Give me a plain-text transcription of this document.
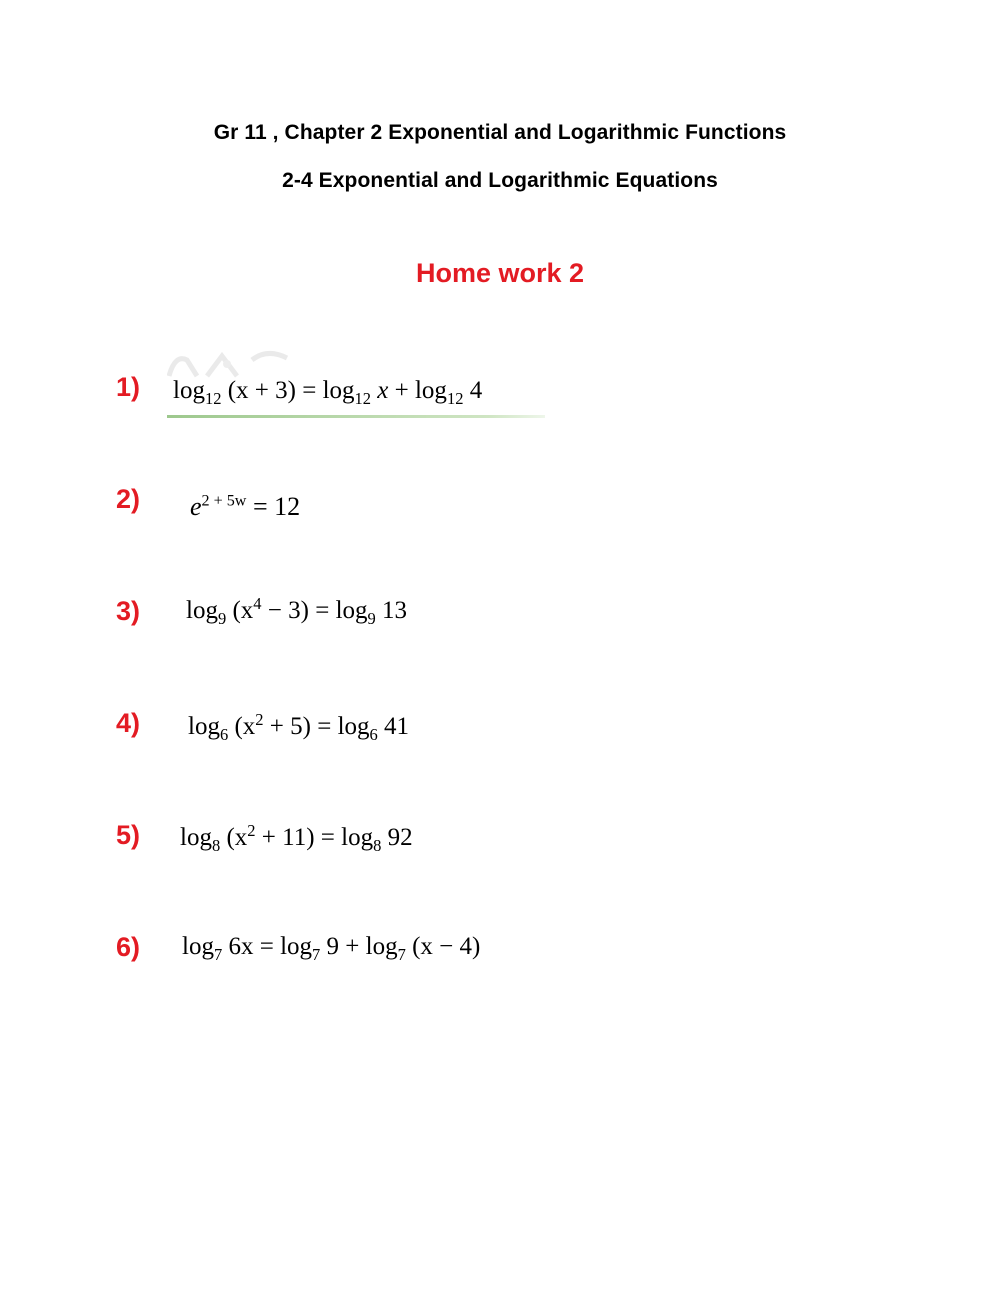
Gr 11 , Chapter 2 Exponential and Logarithmic Functions
2-4 Exponential and Logarithmic Equations
Home work 2
1) $\log_{12} (x + 3) = \log_{12} x + \log_{12} 4$
2) $e^{2 + 5w} = 12$
3) $\log_9 (x^4 - 3) = \log_9 13$
4) $\log_6 (x^2 + 5) = \log_6 41$
5) $\log_8 (x^2 + 11) = \log_8 92$
6) $\log_7 6x = \log_7 9 + \log_7 (x - 4)$
